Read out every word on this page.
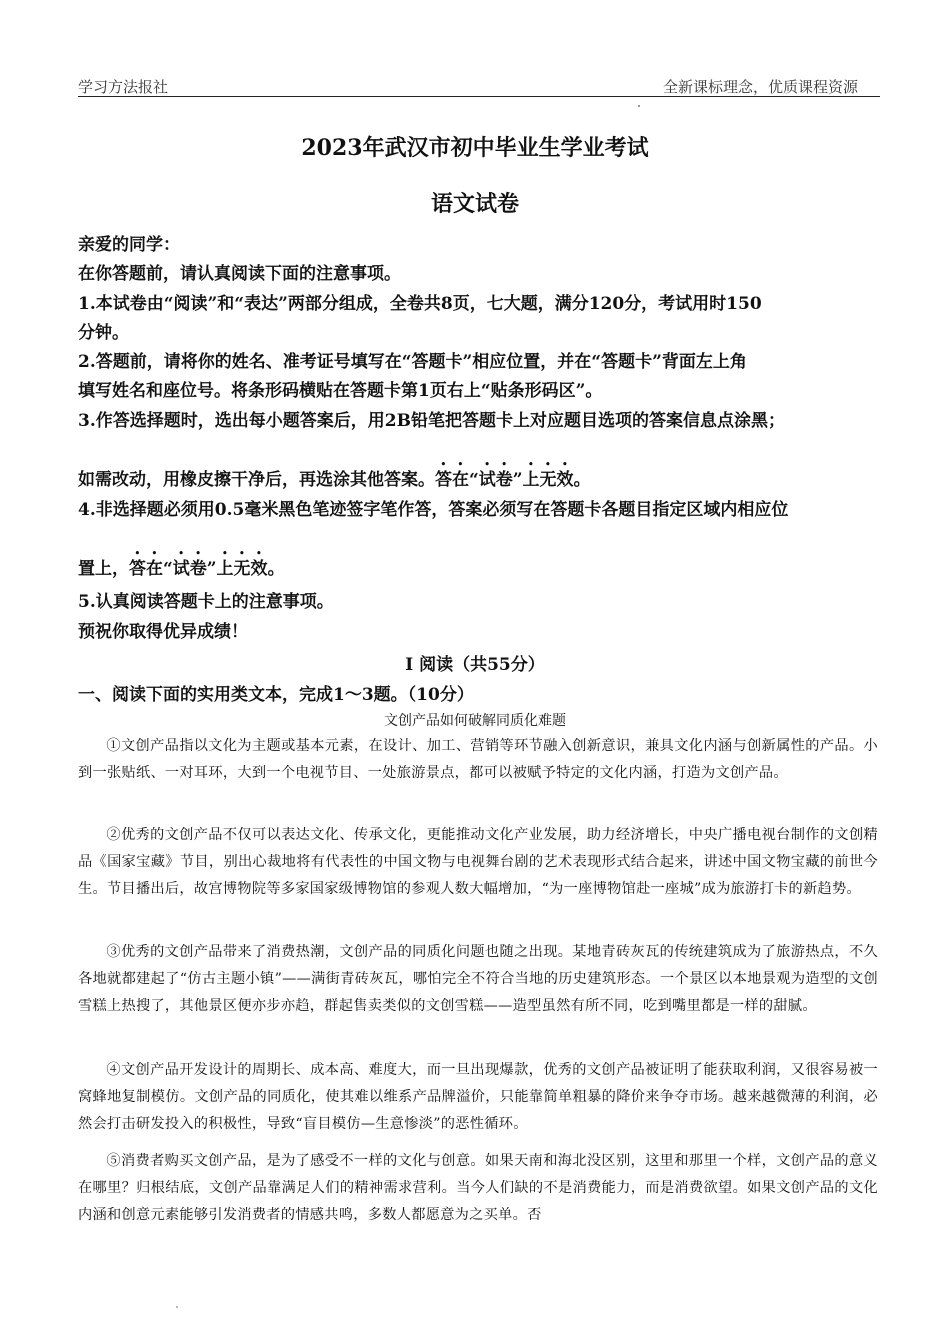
学习方法报社	全新课标理念，优质课程资源
2023年武汉市初中毕业生学业考试
语文试卷
亲爱的同学：
在你答题前，请认真阅读下面的注意事项。
1.本试卷由“阅读”和“表达”两部分组成，全卷共8页，七大题，满分120分，考试用时150
分钟。
2.答题前，请将你的姓名、准考证号填写在“答题卡”相应位置，并在“答题卡”背面左上角
填写姓名和座位号。将条形码横贴在答题卡第1页右上“贴条形码区”。
3.作答选择题时，选出每小题答案后，用2B铅笔把答题卡上对应题目选项的答案信息点涂黑；
如需改动，用橡皮擦干净后，再选涂其他答案。答在“试卷”上无效。
4.非选择题必须用0.5毫米黑色笔迹签字笔作答，答案必须写在答题卡各题目指定区域内相应位
置上，答在“试卷”上无效。
5.认真阅读答题卡上的注意事项。
预祝你取得优异成绩！
Ⅰ 阅读（共55分）
一、阅读下面的实用类文本，完成1～3题。（10分）
文创产品如何破解同质化难题
①文创产品指以文化为主题或基本元素，在设计、加工、营销等环节融入创新意识，兼具文化内涵与创新属性的产品。小到一张贴纸、一对耳环，大到一个电视节目、一处旅游景点，都可以被赋予特定的文化内涵，打造为文创产品。
②优秀的文创产品不仅可以表达文化、传承文化，更能推动文化产业发展，助力经济增长，中央广播电视台制作的文创精品《国家宝藏》节目，别出心裁地将有代表性的中国文物与电视舞台剧的艺术表现形式结合起来，讲述中国文物宝藏的前世今生。节目播出后，故宫博物院等多家国家级博物馆的参观人数大幅增加，“为一座博物馆赴一座城”成为旅游打卡的新趋势。
③优秀的文创产品带来了消费热潮，文创产品的同质化问题也随之出现。某地青砖灰瓦的传统建筑成为了旅游热点，不久各地就都建起了“仿古主题小镇”——满街青砖灰瓦，哪怕完全不符合当地的历史建筑形态。一个景区以本地景观为造型的文创雪糕上热搜了，其他景区便亦步亦趋，群起售卖类似的文创雪糕——造型虽然有所不同，吃到嘴里都是一样的甜腻。
④文创产品开发设计的周期长、成本高、难度大，而一旦出现爆款，优秀的文创产品被证明了能获取利润，又很容易被一窝蜂地复制模仿。文创产品的同质化，使其难以维系产品牌溢价，只能靠简单粗暴的降价来争夺市场。越来越微薄的利润，必然会打击研发投入的积极性，导致“盲目模仿—生意惨淡”的恶性循环。
⑤消费者购买文创产品，是为了感受不一样的文化与创意。如果天南和海北没区别，这里和那里一个样，文创产品的意义在哪里？归根结底，文创产品靠满足人们的精神需求营利。当今人们缺的不是消费能力，而是消费欲望。如果文创产品的文化内涵和创意元素能够引发消费者的情感共鸣，多数人都愿意为之买单。否
